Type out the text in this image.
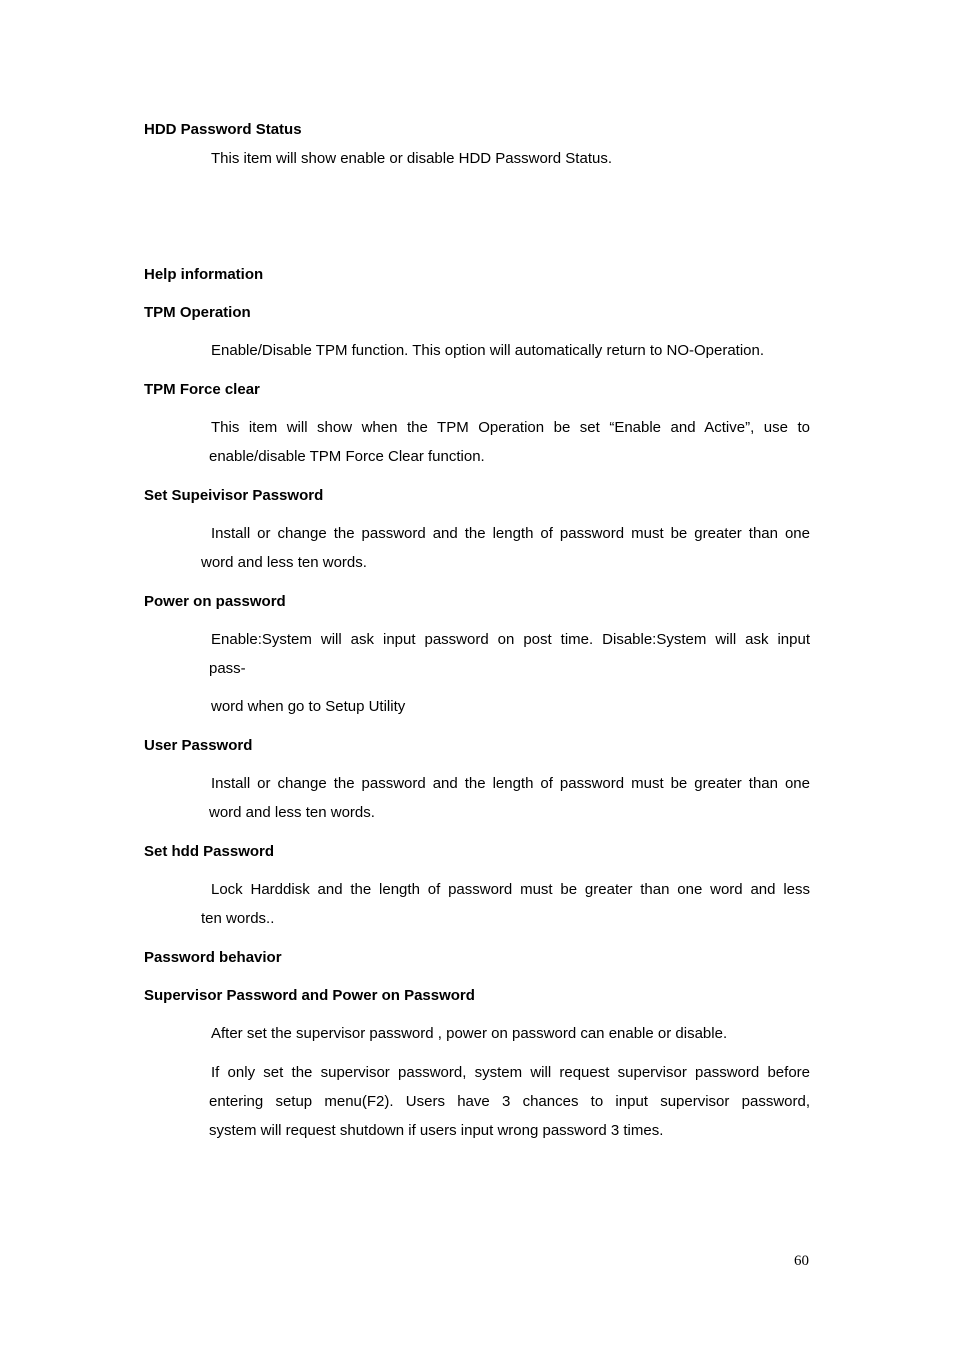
HDD Password Status
This item will show enable or disable HDD Password Status.
Help information
TPM Operation
Enable/Disable TPM function. This option will automatically return to NO-Operation.
TPM Force clear
This item will show when the TPM Operation be set “Enable and Active”, use to
enable/disable TPM Force Clear function.
Set Supeivisor Password
Install or change the password and the length of password must be greater than one
word and less ten words.
Power on password
Enable:System will ask input password on post time. Disable:System will ask input
pass-
word when go to Setup Utility
User Password
Install or change the password and the length of password must be greater than one
word and less ten words.
Set hdd Password
Lock Harddisk and the length of password must be greater than one word and less
ten words..
Password behavior
Supervisor Password and Power on Password
After set the supervisor password , power on password can enable or disable.
If only set the supervisor password, system will request supervisor password before
entering setup menu(F2). Users have 3 chances to input supervisor password,
system will request shutdown if users input wrong password 3 times.
60
